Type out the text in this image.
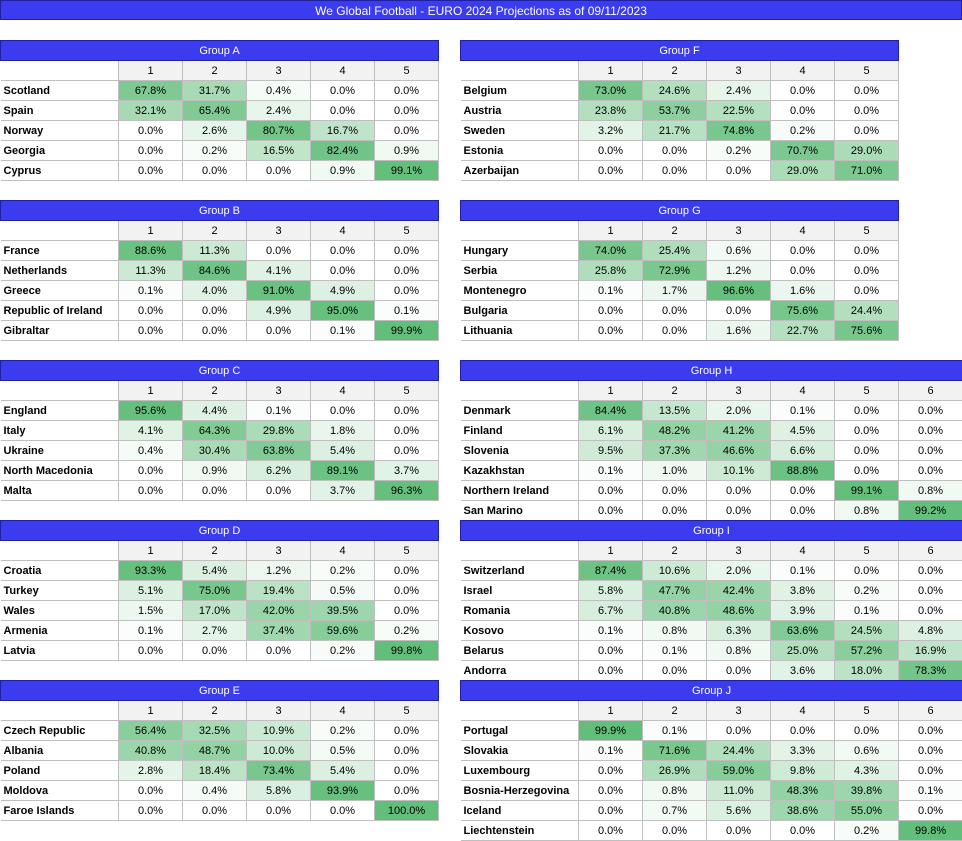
We Global Football - EURO 2024 Projections as of 09/11/2023
Group A					
	1	2	3	4	5
Scotland	67.8%	31.7%	0.4%	0.0%	0.0%
Spain	32.1%	65.4%	2.4%	0.0%	0.0%
Norway	0.0%	2.6%	80.7%	16.7%	0.0%
Georgia	0.0%	0.2%	16.5%	82.4%	0.9%
Cyprus	0.0%	0.0%	0.0%	0.9%	99.1%
Group B					
	1	2	3	4	5
France	88.6%	11.3%	0.0%	0.0%	0.0%
Netherlands	11.3%	84.6%	4.1%	0.0%	0.0%
Greece	0.1%	4.0%	91.0%	4.9%	0.0%
Republic of Ireland	0.0%	0.0%	4.9%	95.0%	0.1%
Gibraltar	0.0%	0.0%	0.0%	0.1%	99.9%
Group C					
	1	2	3	4	5
England	95.6%	4.4%	0.1%	0.0%	0.0%
Italy	4.1%	64.3%	29.8%	1.8%	0.0%
Ukraine	0.4%	30.4%	63.8%	5.4%	0.0%
North Macedonia	0.0%	0.9%	6.2%	89.1%	3.7%
Malta	0.0%	0.0%	0.0%	3.7%	96.3%
Group D					
	1	2	3	4	5
Croatia	93.3%	5.4%	1.2%	0.2%	0.0%
Turkey	5.1%	75.0%	19.4%	0.5%	0.0%
Wales	1.5%	17.0%	42.0%	39.5%	0.0%
Armenia	0.1%	2.7%	37.4%	59.6%	0.2%
Latvia	0.0%	0.0%	0.0%	0.2%	99.8%
Group E					
	1	2	3	4	5
Czech Republic	56.4%	32.5%	10.9%	0.2%	0.0%
Albania	40.8%	48.7%	10.0%	0.5%	0.0%
Poland	2.8%	18.4%	73.4%	5.4%	0.0%
Moldova	0.0%	0.4%	5.8%	93.9%	0.0%
Faroe Islands	0.0%	0.0%	0.0%	0.0%	100.0%
Group F					
	1	2	3	4	5
Belgium	73.0%	24.6%	2.4%	0.0%	0.0%
Austria	23.8%	53.7%	22.5%	0.0%	0.0%
Sweden	3.2%	21.7%	74.8%	0.2%	0.0%
Estonia	0.0%	0.0%	0.2%	70.7%	29.0%
Azerbaijan	0.0%	0.0%	0.0%	29.0%	71.0%
Group G					
	1	2	3	4	5
Hungary	74.0%	25.4%	0.6%	0.0%	0.0%
Serbia	25.8%	72.9%	1.2%	0.0%	0.0%
Montenegro	0.1%	1.7%	96.6%	1.6%	0.0%
Bulgaria	0.0%	0.0%	0.0%	75.6%	24.4%
Lithuania	0.0%	0.0%	1.6%	22.7%	75.6%
Group H						
	1	2	3	4	5	6
Denmark	84.4%	13.5%	2.0%	0.1%	0.0%	0.0%
Finland	6.1%	48.2%	41.2%	4.5%	0.0%	0.0%
Slovenia	9.5%	37.3%	46.6%	6.6%	0.0%	0.0%
Kazakhstan	0.1%	1.0%	10.1%	88.8%	0.0%	0.0%
Northern Ireland	0.0%	0.0%	0.0%	0.0%	99.1%	0.8%
San Marino	0.0%	0.0%	0.0%	0.0%	0.8%	99.2%
Group I						
	1	2	3	4	5	6
Switzerland	87.4%	10.6%	2.0%	0.1%	0.0%	0.0%
Israel	5.8%	47.7%	42.4%	3.8%	0.2%	0.0%
Romania	6.7%	40.8%	48.6%	3.9%	0.1%	0.0%
Kosovo	0.1%	0.8%	6.3%	63.6%	24.5%	4.8%
Belarus	0.0%	0.1%	0.8%	25.0%	57.2%	16.9%
Andorra	0.0%	0.0%	0.0%	3.6%	18.0%	78.3%
Group J						
	1	2	3	4	5	6
Portugal	99.9%	0.1%	0.0%	0.0%	0.0%	0.0%
Slovakia	0.1%	71.6%	24.4%	3.3%	0.6%	0.0%
Luxembourg	0.0%	26.9%	59.0%	9.8%	4.3%	0.0%
Bosnia-Herzegovina	0.0%	0.8%	11.0%	48.3%	39.8%	0.1%
Iceland	0.0%	0.7%	5.6%	38.6%	55.0%	0.0%
Liechtenstein	0.0%	0.0%	0.0%	0.0%	0.2%	99.8%
